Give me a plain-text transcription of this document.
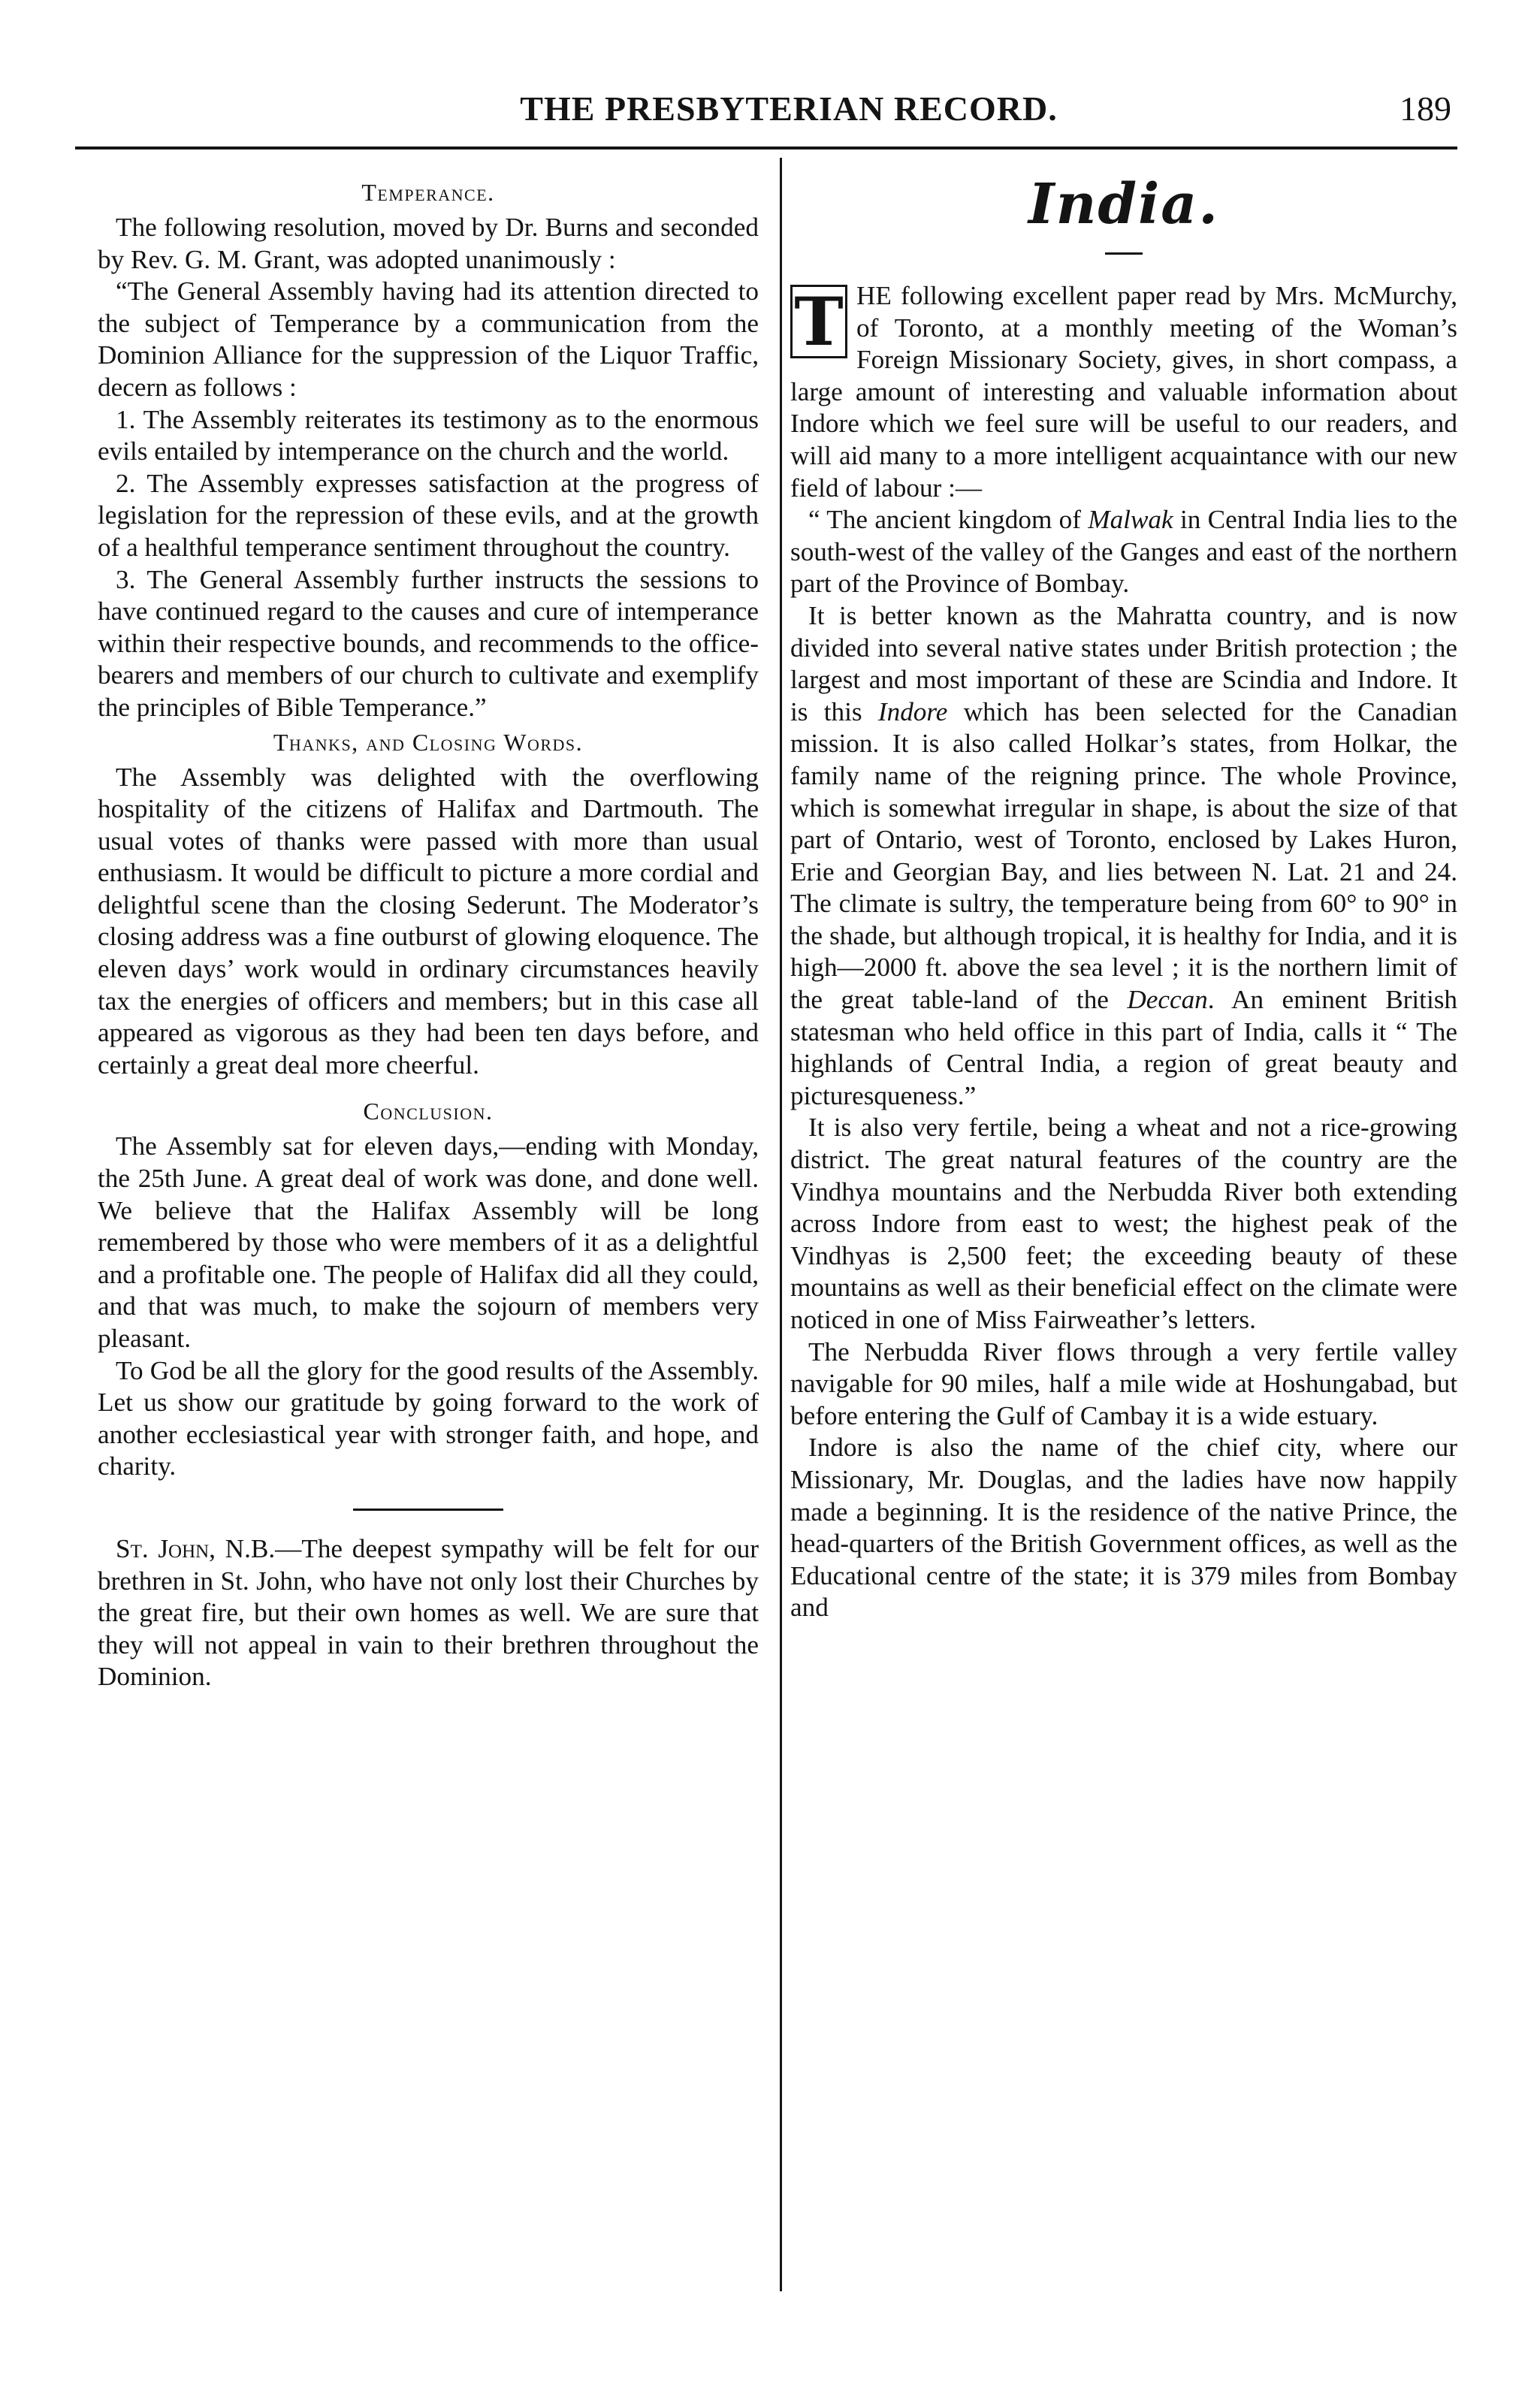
THE PRESBYTERIAN RECORD.	189
Temperance.

The following resolution, moved by Dr. Burns and seconded by Rev. G. M. Grant, was adopted unanimously :

“The General Assembly having had its attention directed to the subject of Temperance by a communication from the Dominion Alliance for the suppression of the Liquor Traffic, decern as follows :

1. The Assembly reiterates its testimony as to the enormous evils entailed by intemperance on the church and the world.

2. The Assembly expresses satisfaction at the progress of legislation for the repression of these evils, and at the growth of a healthful temperance sentiment throughout the country.

3. The General Assembly further instructs the sessions to have continued regard to the causes and cure of intemperance within their respective bounds, and recommends to the office-bearers and members of our church to cultivate and exemplify the principles of Bible Temperance.”

Thanks, and Closing Words.

The Assembly was delighted with the overflowing hospitality of the citizens of Halifax and Dartmouth. The usual votes of thanks were passed with more than usual enthusiasm. It would be difficult to picture a more cordial and delightful scene than the closing Sederunt. The Moderator’s closing address was a fine outburst of glowing eloquence. The eleven days’ work would in ordinary circumstances heavily tax the energies of officers and members; but in this case all appeared as vigorous as they had been ten days before, and certainly a great deal more cheerful.

Conclusion.

The Assembly sat for eleven days,—ending with Monday, the 25th June. A great deal of work was done, and done well. We believe that the Halifax Assembly will be long remembered by those who were members of it as a delightful and a profitable one. The people of Halifax did all they could, and that was much, to make the sojourn of members very pleasant.

To God be all the glory for the good results of the Assembly. Let us show our gratitude by going forward to the work of another ecclesiastical year with stronger faith, and hope, and charity.

St. John, N.B.—The deepest sympathy will be felt for our brethren in St. John, who have not only lost their Churches by the great fire, but their own homes as well. We are sure that they will not appeal in vain to their brethren throughout the Dominion.

India.

T HE following excellent paper read by Mrs. McMurchy, of Toronto, at a monthly meeting of the Woman’s Foreign Missionary Society, gives, in short compass, a large amount of interesting and valuable information about Indore which we feel sure will be useful to our readers, and will aid many to a more intelligent acquaintance with our new field of labour :—

“ The ancient kingdom of Malwak in Central India lies to the south-west of the valley of the Ganges and east of the northern part of the Province of Bombay.

It is better known as the Mahratta country, and is now divided into several native states under British protection ; the largest and most important of these are Scindia and Indore. It is this Indore which has been selected for the Canadian mission. It is also called Holkar’s states, from Holkar, the family name of the reigning prince. The whole Province, which is somewhat irregular in shape, is about the size of that part of Ontario, west of Toronto, enclosed by Lakes Huron, Erie and Georgian Bay, and lies between N. Lat. 21 and 24. The climate is sultry, the temperature being from 60° to 90° in the shade, but although tropical, it is healthy for India, and it is high—2000 ft. above the sea level ; it is the northern limit of the great table-land of the Deccan. An eminent British statesman who held office in this part of India, calls it “ The highlands of Central India, a region of great beauty and picturesqueness.”

It is also very fertile, being a wheat and not a rice-growing district. The great natural features of the country are the Vindhya mountains and the Nerbudda River both extending across Indore from east to west; the highest peak of the Vindhyas is 2,500 feet; the exceeding beauty of these mountains as well as their beneficial effect on the climate were noticed in one of Miss Fairweather’s letters.

The Nerbudda River flows through a very fertile valley navigable for 90 miles, half a mile wide at Hoshungabad, but before entering the Gulf of Cambay it is a wide estuary.

Indore is also the name of the chief city, where our Missionary, Mr. Douglas, and the ladies have now happily made a beginning. It is the residence of the native Prince, the head-quarters of the British Government offices, as well as the Educational centre of the state; it is 379 miles from Bombay and
